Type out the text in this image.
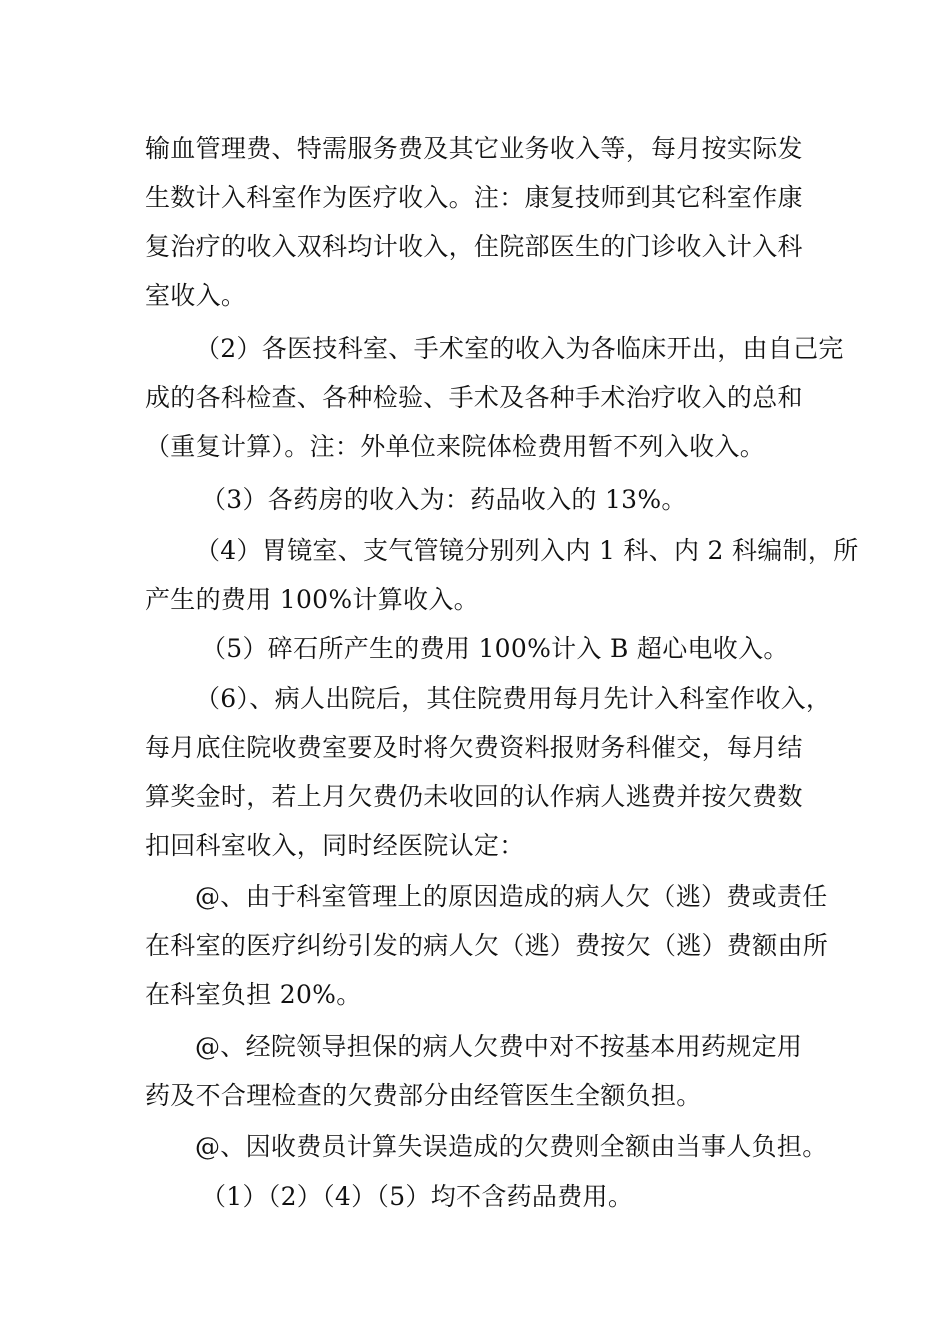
输血管理费、特需服务费及其它业务收入等，每月按实际发
生数计入科室作为医疗收入。注：康复技师到其它科室作康
复治疗的收入双科均计收入，住院部医生的门诊收入计入科
室收入。

（2）各医技科室、手术室的收入为各临床开出，由自己完
成的各科检查、各种检验、手术及各种手术治疗收入的总和
（重复计算）。注：外单位来院体检费用暂不列入收入。

（3）各药房的收入为：药品收入的 13%。

（4）胃镜室、支气管镜分别列入内 1 科、内 2 科编制，所
产生的费用 100%计算收入。

（5）碎石所产生的费用 100%计入 B 超心电收入。

（6）、病人出院后，其住院费用每月先计入科室作收入，
每月底住院收费室要及时将欠费资料报财务科催交，每月结
算奖金时，若上月欠费仍未收回的认作病人逃费并按欠费数
扣回科室收入，同时经医院认定：

@、由于科室管理上的原因造成的病人欠（逃）费或责任
在科室的医疗纠纷引发的病人欠（逃）费按欠（逃）费额由所
在科室负担 20%。

@、经院领导担保的病人欠费中对不按基本用药规定用
药及不合理检查的欠费部分由经管医生全额负担。

@、因收费员计算失误造成的欠费则全额由当事人负担。

（1）（2）（4）（5）均不含药品费用。
